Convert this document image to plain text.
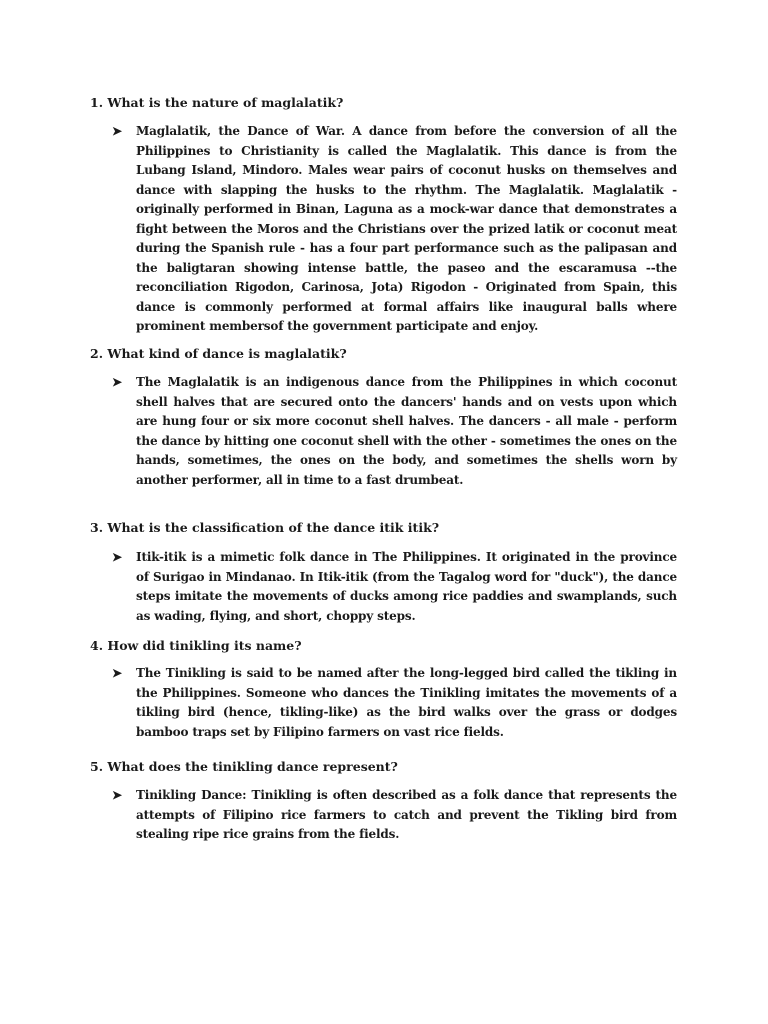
1. What is the nature of maglalatik?
➤	Maglalatik, the Dance of War. A dance from before the conversion of all the Philippines to Christianity is called the Maglalatik. This dance is from the Lubang Island, Mindoro. Males wear pairs of coconut husks on themselves and dance with slapping the husks to the rhythm. The Maglalatik. Maglalatik - originally performed in Binan, Laguna as a mock-war dance that demonstrates a fight between the Moros and the Christians over the prized latik or coconut meat during the Spanish rule - has a four part performance such as the palipasan and the baligtaran showing intense battle, the paseo and the escaramusa --the reconciliation Rigodon, Carinosa, Jota) Rigodon - Originated from Spain, this dance is commonly performed at formal affairs like inaugural balls where prominent membersof the government participate and enjoy.
2. What kind of dance is maglalatik?
➤	The Maglalatik is an indigenous dance from the Philippines in which coconut shell halves that are secured onto the dancers' hands and on vests upon which are hung four or six more coconut shell halves. The dancers - all male - perform the dance by hitting one coconut shell with the other - sometimes the ones on the hands, sometimes, the ones on the body, and sometimes the shells worn by another performer, all in time to a fast drumbeat.
3. What is the classification of the dance itik itik?
➤	Itik-itik is a mimetic folk dance in The Philippines. It originated in the province of Surigao in Mindanao. In Itik-itik (from the Tagalog word for "duck"), the dance steps imitate the movements of ducks among rice paddies and swamplands, such as wading, flying, and short, choppy steps.
4. How did tinikling its name?
➤	The Tinikling is said to be named after the long-legged bird called the tikling in the Philippines. Someone who dances the Tinikling imitates the movements of a tikling bird (hence, tikling-like) as the bird walks over the grass or dodges bamboo traps set by Filipino farmers on vast rice fields.
5. What does the tinikling dance represent?
➤	Tinikling Dance: Tinikling is often described as a folk dance that represents the attempts of Filipino rice farmers to catch and prevent the Tikling bird from stealing ripe rice grains from the fields.
